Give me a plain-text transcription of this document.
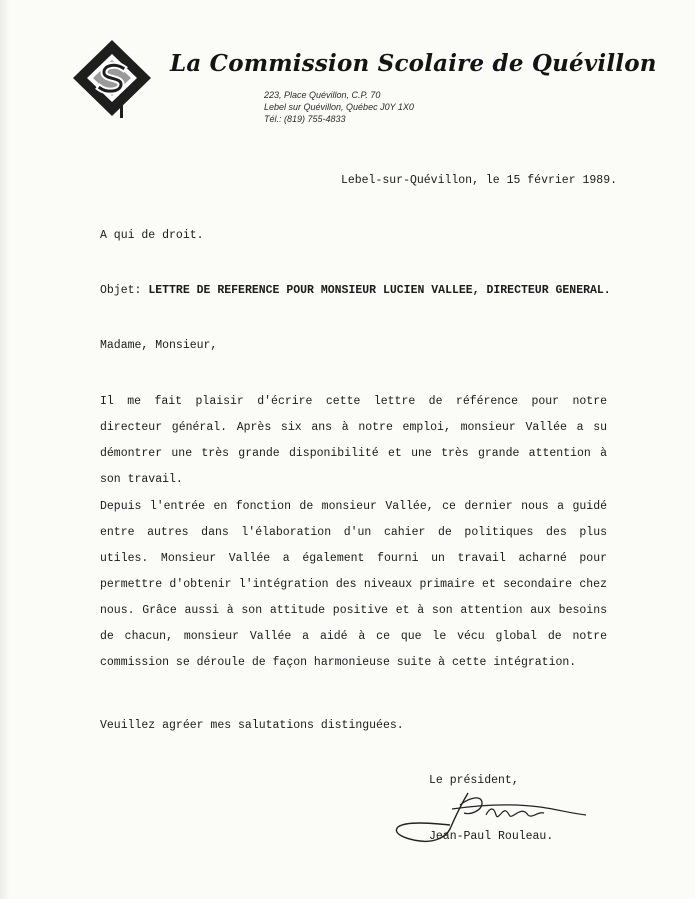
La Commission Scolaire de Quévillon
223, Place Quévillon, C.P. 70
Lebel sur Quévillon, Québec J0Y 1X0
Tél.: (819) 755-4833
Lebel-sur-Quévillon, le 15 février 1989.
A qui de droit.
Objet: LETTRE DE REFERENCE POUR MONSIEUR LUCIEN VALLEE, DIRECTEUR GENERAL.
Madame, Monsieur,
Il me fait plaisir d'écrire cette lettre de référence pour notre directeur général. Après six ans à notre emploi, monsieur Vallée a su démontrer une très grande disponibilité et une très grande attention à son travail.
Depuis l'entrée en fonction de monsieur Vallée, ce dernier nous a guidé entre autres dans l'élaboration d'un cahier de politiques des plus utiles. Monsieur Vallée a également fourni un travail acharné pour permettre d'obtenir l'intégration des niveaux primaire et secondaire chez nous. Grâce aussi à son attitude positive et à son attention aux besoins de chacun, monsieur Vallée a aidé à ce que le vécu global de notre commission se déroule de façon harmonieuse suite à cette intégration.
Veuillez agréer mes salutations distinguées.
Le président,
Jean-Paul Rouleau.
